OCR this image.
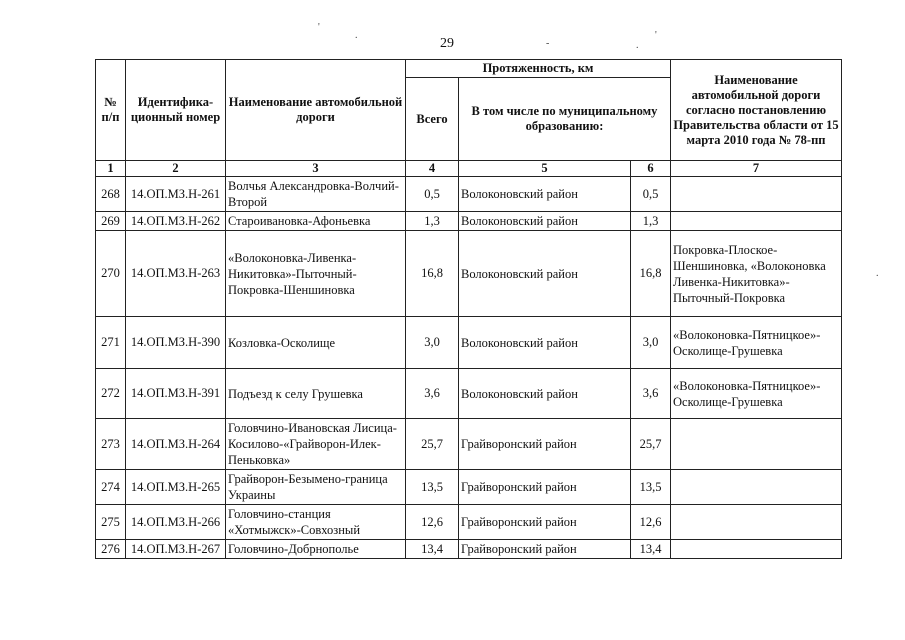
29
'
.
-	.
'
.
№ п/п	Идентифика-ционный номер	Наименование автомобильной дороги	Протяженность, км			Наименование автомобильной дороги согласно постановлению Правительства области от 15 марта 2010 года № 78-пп
			Всего	В том числе по муниципальному образованию:		
1	2	3	4	5	6	7
268	14.ОП.МЗ.Н-261	Волчья Александровка-Волчий-Второй	0,5	Волоконовский район	0,5	
269	14.ОП.МЗ.Н-262	Староивановка-Афоньевка	1,3	Волоконовский район	1,3	
270	14.ОП.МЗ.Н-263	«Волоконовка-Ливенка-Никитовка»-Пыточный-Покровка-Шеншиновка	16,8	Волоконовский район	16,8	Покровка-Плоское-Шеншиновка, «Волоконовка Ливенка-Никитовка»-Пыточный-Покровка
271	14.ОП.МЗ.Н-390	Козловка-Осколище	3,0	Волоконовский район	3,0	«Волоконовка-Пятницкое»-Осколище-Грушевка
272	14.ОП.МЗ.Н-391	Подъезд к селу Грушевка	3,6	Волоконовский район	3,6	«Волоконовка-Пятницкое»-Осколище-Грушевка
273	14.ОП.МЗ.Н-264	Головчино-Ивановская Лисица-Косилово-«Грайворон-Илек-Пеньковка»	25,7	Грайворонский район	25,7	
274	14.ОП.МЗ.Н-265	Грайворон-Безымено-граница Украины	13,5	Грайворонский район	13,5	
275	14.ОП.МЗ.Н-266	Головчино-станция «Хотмыжск»-Совхозный	12,6	Грайворонский район	12,6	
276	14.ОП.МЗ.Н-267	Головчино-Добрнополье	13,4	Грайворонский район	13,4	
